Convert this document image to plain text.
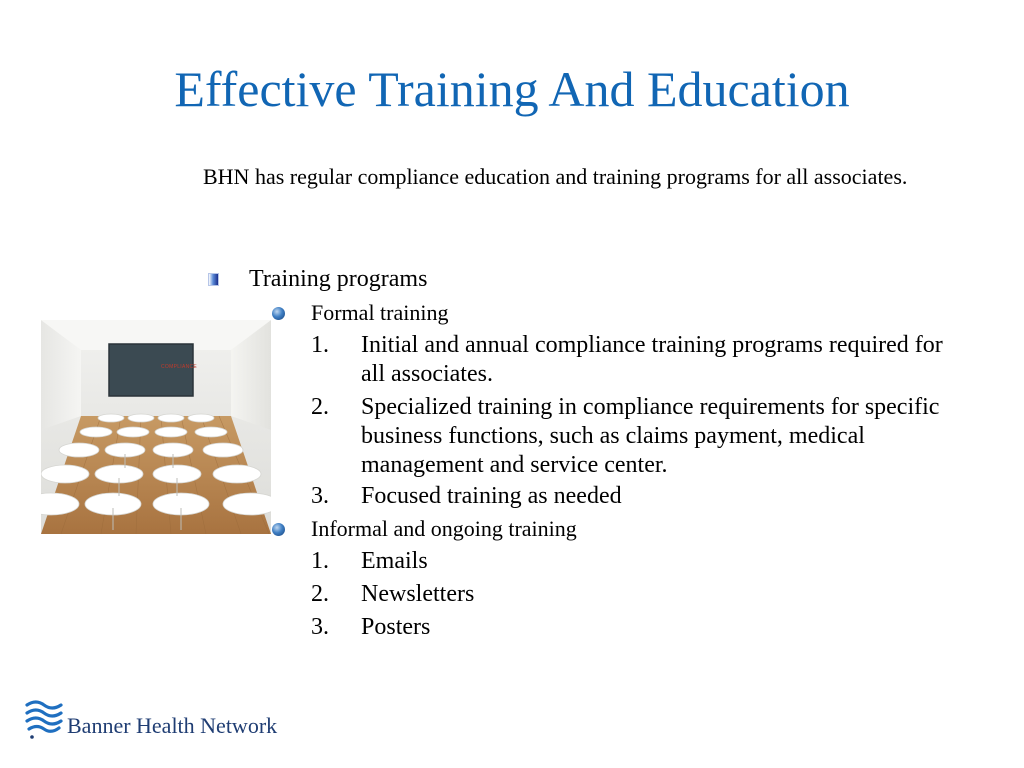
Effective Training And Education
BHN has regular compliance education and training programs for all associates.
Training programs
Formal training
1. Initial and annual compliance training programs required for all associates.
2. Specialized training in compliance requirements for specific business functions, such as claims payment, medical management and service center.
3. Focused training as needed
Informal and ongoing training
1. Emails
2. Newsletters
3. Posters
COMPLIANCE
Banner Health Network
